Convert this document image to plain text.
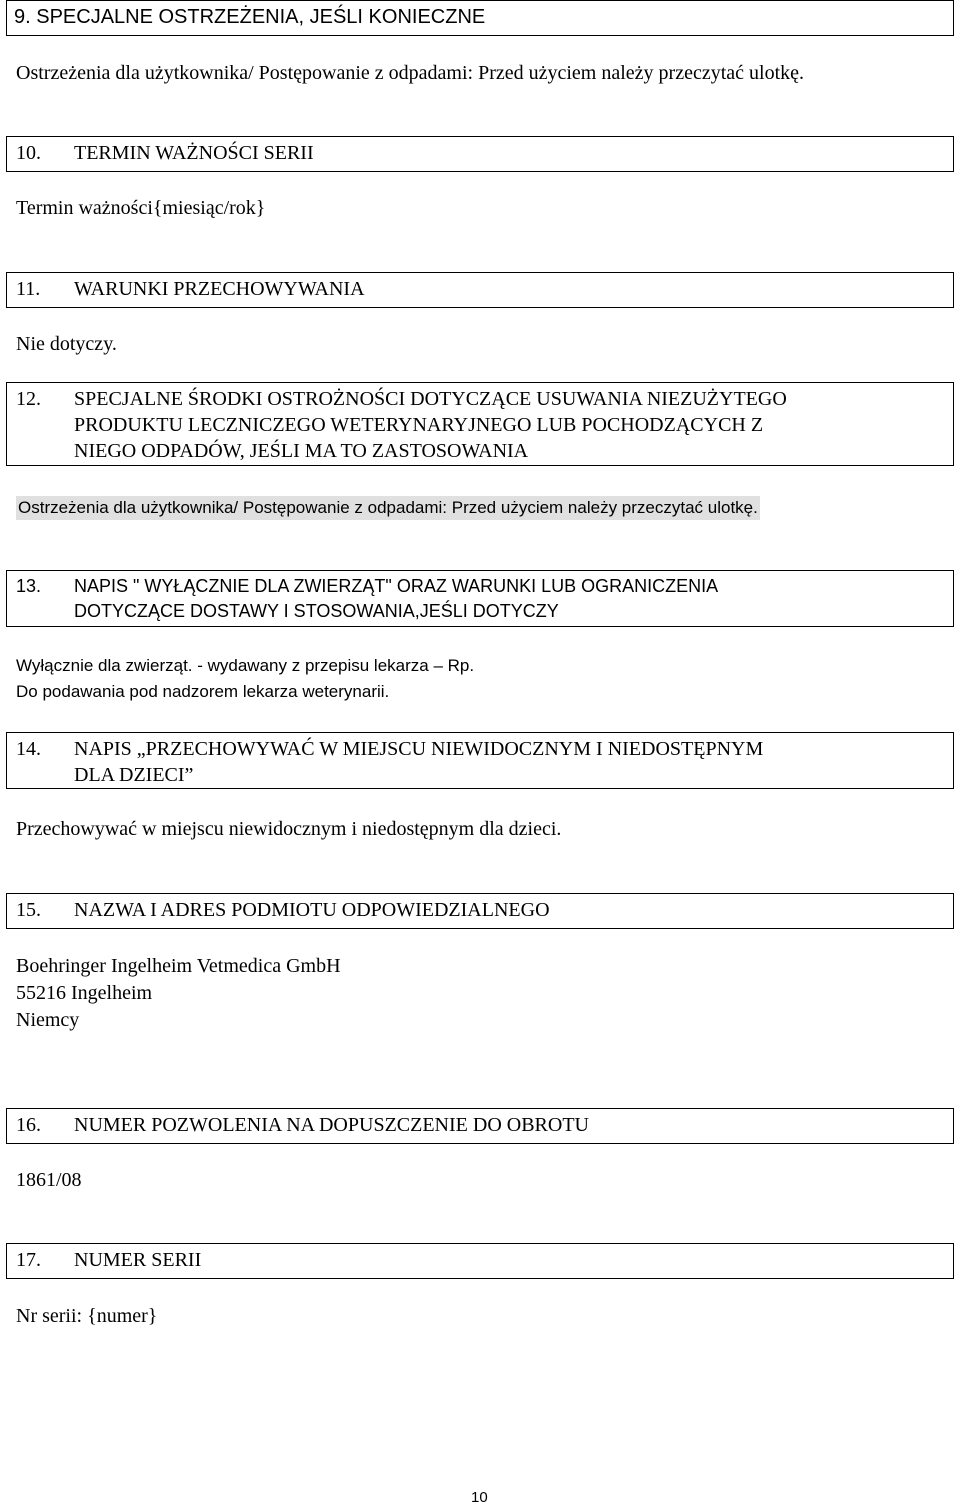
9. SPECJALNE OSTRZEŻENIA, JEŚLI KONIECZNE
Ostrzeżenia dla użytkownika/ Postępowanie z odpadami: Przed użyciem należy przeczytać ulotkę.
10. TERMIN WAŻNOŚCI SERII
Termin ważności{miesiąc/rok}
11. WARUNKI PRZECHOWYWANIA
Nie dotyczy.
12. SPECJALNE ŚRODKI OSTROŻNOŚCI DOTYCZĄCE USUWANIA NIEZUŻYTEGO
PRODUKTU LECZNICZEGO WETERYNARYJNEGO LUB POCHODZĄCYCH Z
NIEGO ODPADÓW, JEŚLI MA TO ZASTOSOWANIA
Ostrzeżenia dla użytkownika/ Postępowanie z odpadami: Przed użyciem należy przeczytać ulotkę.
13. NAPIS " WYŁĄCZNIE DLA ZWIERZĄT" ORAZ WARUNKI LUB OGRANICZENIA
DOTYCZĄCE DOSTAWY I STOSOWANIA,JEŚLI DOTYCZY
Wyłącznie dla zwierząt. - wydawany z przepisu lekarza – Rp.
Do podawania pod nadzorem lekarza weterynarii.
14. NAPIS „PRZECHOWYWAĆ W MIEJSCU NIEWIDOCZNYM I NIEDOSTĘPNYM
DLA DZIECI”
Przechowywać w miejscu niewidocznym i niedostępnym dla dzieci.
15. NAZWA I ADRES PODMIOTU ODPOWIEDZIALNEGO
Boehringer Ingelheim Vetmedica GmbH
55216 Ingelheim
Niemcy
16. NUMER POZWOLENIA NA DOPUSZCZENIE DO OBROTU
1861/08
17. NUMER SERII
Nr serii: {numer}
10
